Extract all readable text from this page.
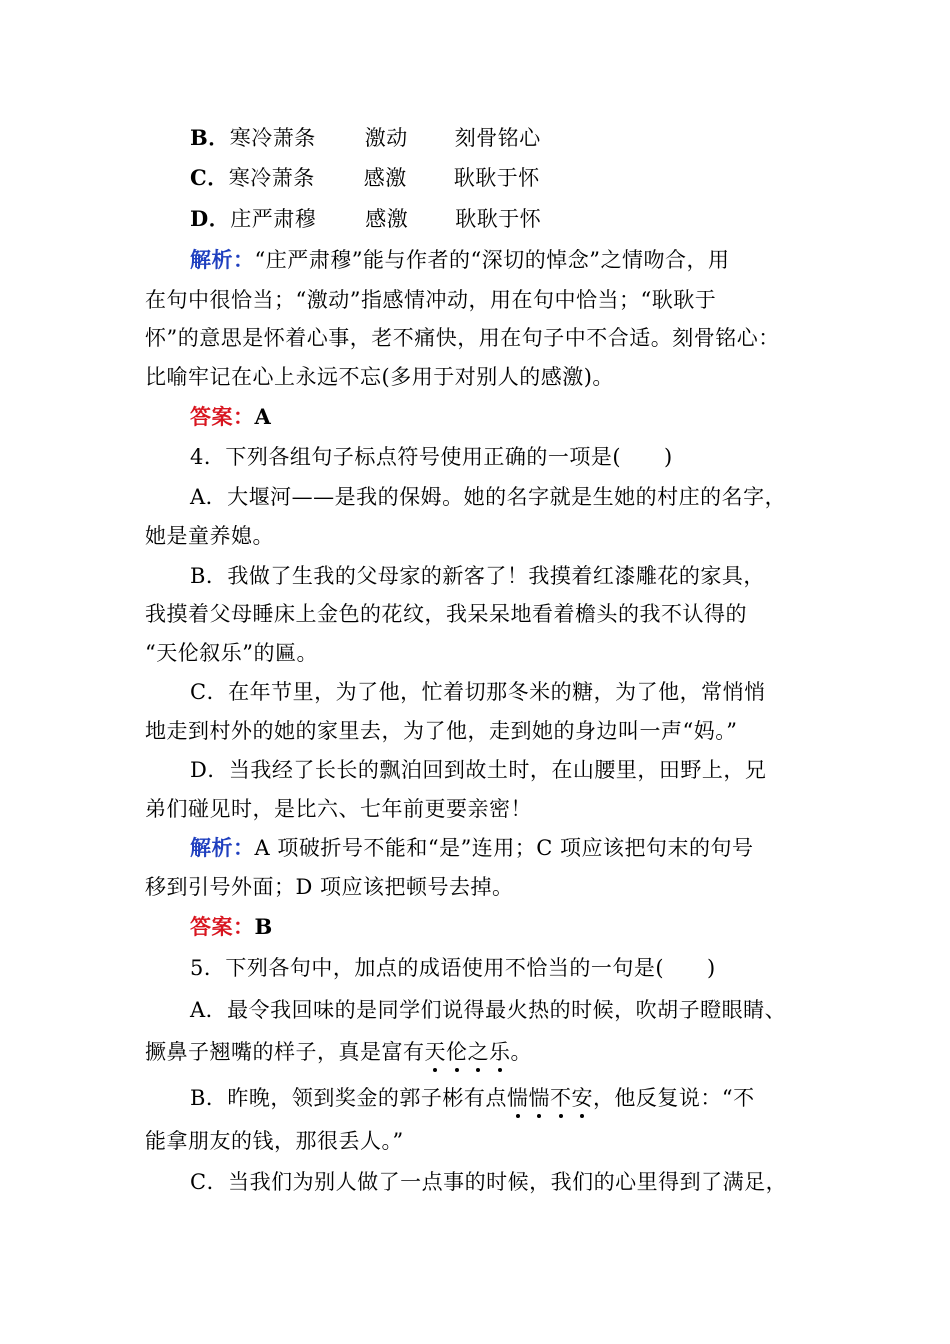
B．寒冷萧条 激动 刻骨铭心
C．寒冷萧条 感激 耿耿于怀
D．庄严肃穆 感激 耿耿于怀
解析：“庄严肃穆”能与作者的“深切的悼念”之情吻合，用
在句中很恰当；“激动”指感情冲动，用在句中恰当；“耿耿于
怀”的意思是怀着心事，老不痛快，用在句子中不合适。刻骨铭心：
比喻牢记在心上永远不忘(多用于对别人的感激)。
答案：A
4．下列各组句子标点符号使用正确的一项是(　　)
A．大堰河——是我的保姆。她的名字就是生她的村庄的名字，
她是童养媳。
B．我做了生我的父母家的新客了！我摸着红漆雕花的家具，
我摸着父母睡床上金色的花纹，我呆呆地看着檐头的我不认得的
“天伦叙乐”的匾。
C．在年节里，为了他，忙着切那冬米的糖，为了他，常悄悄
地走到村外的她的家里去，为了他，走到她的身边叫一声“妈。”
D．当我经了长长的飘泊回到故土时，在山腰里，田野上，兄
弟们碰见时，是比六、七年前更要亲密！
解析：A 项破折号不能和“是”连用；C 项应该把句末的句号
移到引号外面；D 项应该把顿号去掉。
答案：B
5．下列各句中，加点的成语使用不恰当的一句是(　　)
A．最令我回味的是同学们说得最火热的时候，吹胡子瞪眼睛、
撅鼻子翘嘴的样子，真是富有天伦之乐。
B．昨晚，领到奖金的郭子彬有点惴惴不安，他反复说：“不
能拿朋友的钱，那很丢人。”
C．当我们为别人做了一点事的时候，我们的心里得到了满足，
